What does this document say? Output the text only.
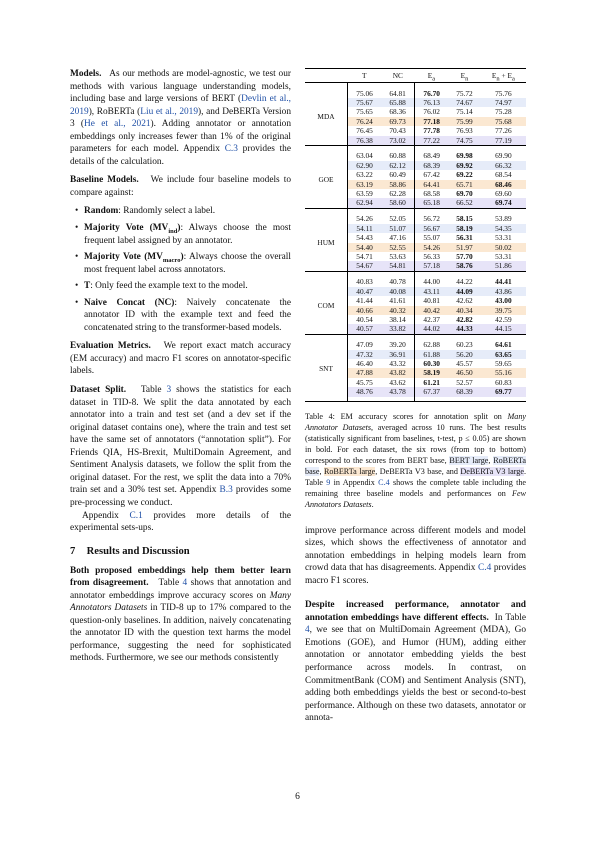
Models. As our methods are model-agnostic, we test our methods with various language understanding models, including base and large versions of BERT (Devlin et al., 2019), RoBERTa (Liu et al., 2019), and DeBERTa Version 3 (He et al., 2021). Adding annotator or annotation embeddings only increases fewer than 1% of the original parameters for each model. Appendix C.3 provides the details of the calculation.

Baseline Models. We include four baseline models to compare against:

• Random: Randomly select a label.
• Majority Vote $(MV_{ind})$: Always choose the most frequent label assigned by an annotator.
• Majority Vote $(MV_{macro})$: Always choose the overall most frequent label across annotators.
• T: Only feed the example text to the model.
• Naive Concat (NC): Naively concatenate the annotator ID with the example text and feed the concatenated string to the transformer-based models.

Evaluation Metrics. We report exact match accuracy (EM accuracy) and macro F1 scores on annotator-specific labels.

Dataset Split. Table 3 shows the statistics for each dataset in TID-8. We split the data annotated by each annotator into a train and test set (and a dev set if the original dataset contains one), where the train and test set have the same set of annotators (“annotation split”). For Friends QIA, HS-Brexit, MultiDomain Agreement, and Sentiment Analysis datasets, we follow the split from the original dataset. For the rest, we split the data into a 70% train set and a 30% test set. Appendix B.3 provides some pre-processing we conduct.

Appendix C.1 provides more details of the experimental sets-ups.

7 Results and Discussion

Both proposed embeddings help them better learn from disagreement. Table 4 shows that annotation and annotator embeddings improve accuracy scores on Many Annotators Datasets in TID-8 up to 17% compared to the question-only baselines. In addition, naively concatenating the annotator ID with the question text harms the model performance, suggesting the need for sophisticated methods. Furthermore, we see our methods consistently

	T	NC	$E_a$	$E_n$	$E_n + E_a$

MDA	75.06	64.81	76.70	75.72	75.76
	75.67	65.88	76.13	74.67	74.97
	75.65	68.36	76.02	75.14	75.28
	76.24	69.73	77.18	75.99	75.68
	76.45	70.43	77.78	76.93	77.26
	76.38	73.02	77.22	74.75	77.19

GOE	63.04	60.88	68.49	69.98	69.90
	62.90	62.12	68.39	69.92	66.32
	63.22	60.49	67.42	69.22	68.54
	63.19	58.86	64.41	65.71	68.46
	63.59	62.28	68.58	69.70	69.60
	62.94	58.60	65.18	66.52	69.74

HUM	54.26	52.05	56.72	58.15	53.89
	54.11	51.07	56.67	58.19	54.35
	54.43	47.16	55.07	56.31	53.31
	54.40	52.55	54.26	51.97	50.02
	54.71	53.63	56.33	57.70	53.31
	54.67	54.81	57.18	58.76	51.86

COM	40.83	40.78	44.00	44.22	44.41
	40.47	40.08	43.11	44.09	43.86
	41.44	41.61	40.81	42.62	43.00
	40.66	40.32	40.42	40.34	39.75
	40.54	38.14	42.37	42.82	42.59
	40.57	33.82	44.02	44.33	44.15

SNT	47.09	39.20	62.88	60.23	64.61
	47.32	36.91	61.88	56.20	63.65
	46.40	43.32	60.30	45.57	59.65
	47.88	43.82	58.19	46.50	55.16
	45.75	43.62	61.21	52.57	60.83
	48.76	43.78	67.37	68.39	69.77

Table 4: EM accuracy scores for annotation split on Many Annotator Datasets, averaged across 10 runs. The best results (statistically significant from baselines, t-test, p ≤ 0.05) are shown in bold. For each dataset, the six rows (from top to bottom) correspond to the scores from BERT base, BERT large, RoBERTa base, RoBERTa large, DeBERTa V3 base, and DeBERTa V3 large. Table 9 in Appendix C.4 shows the complete table including the remaining three baseline models and performances on Few Annotators Datasets.

improve performance across different models and model sizes, which shows the effectiveness of annotator and annotation embeddings in helping models learn from crowd data that has disagreements. Appendix C.4 provides macro F1 scores.

Despite increased performance, annotator and annotation embeddings have different effects. In Table 4, we see that on MultiDomain Agreement (MDA), Go Emotions (GOE), and Humor (HUM), adding either annotation or annotator embedding yields the best performance across models. In contrast, on CommitmentBank (COM) and Sentiment Analysis (SNT), adding both embeddings yields the best or second-to-best performance. Although on these two datasets, annotator or annota-

6
